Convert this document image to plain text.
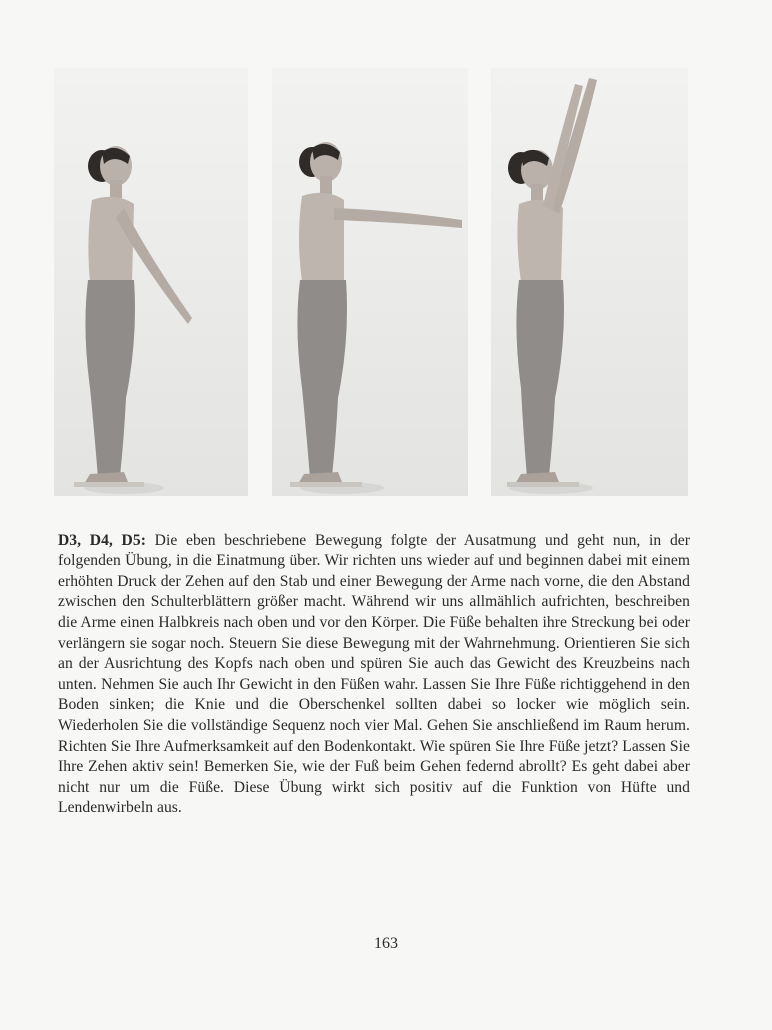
D3, D4, D5: Die eben beschriebene Bewegung folgte der Ausatmung und geht nun, in der folgenden Übung, in die Einatmung über. Wir richten uns wieder auf und beginnen dabei mit einem erhöhten Druck der Zehen auf den Stab und einer Bewegung der Arme nach vorne, die den Abstand zwischen den Schulterblättern größer macht. Während wir uns allmählich aufrichten, beschreiben die Arme einen Halbkreis nach oben und vor den Körper. Die Füße behalten ihre Streckung bei oder verlängern sie sogar noch. Steuern Sie diese Bewegung mit der Wahrnehmung. Orientieren Sie sich an der Ausrichtung des Kopfs nach oben und spüren Sie auch das Gewicht des Kreuzbeins nach unten. Nehmen Sie auch Ihr Gewicht in den Füßen wahr. Lassen Sie Ihre Füße richtiggehend in den Boden sinken; die Knie und die Oberschenkel sollten dabei so locker wie möglich sein. Wiederholen Sie die vollständige Sequenz noch vier Mal. Gehen Sie anschließend im Raum herum. Richten Sie Ihre Aufmerksamkeit auf den Bodenkontakt. Wie spüren Sie Ihre Füße jetzt? Lassen Sie Ihre Zehen aktiv sein! Bemerken Sie, wie der Fuß beim Gehen federnd abrollt? Es geht dabei aber nicht nur um die Füße. Diese Übung wirkt sich positiv auf die Funktion von Hüfte und Lendenwirbeln aus.

163
